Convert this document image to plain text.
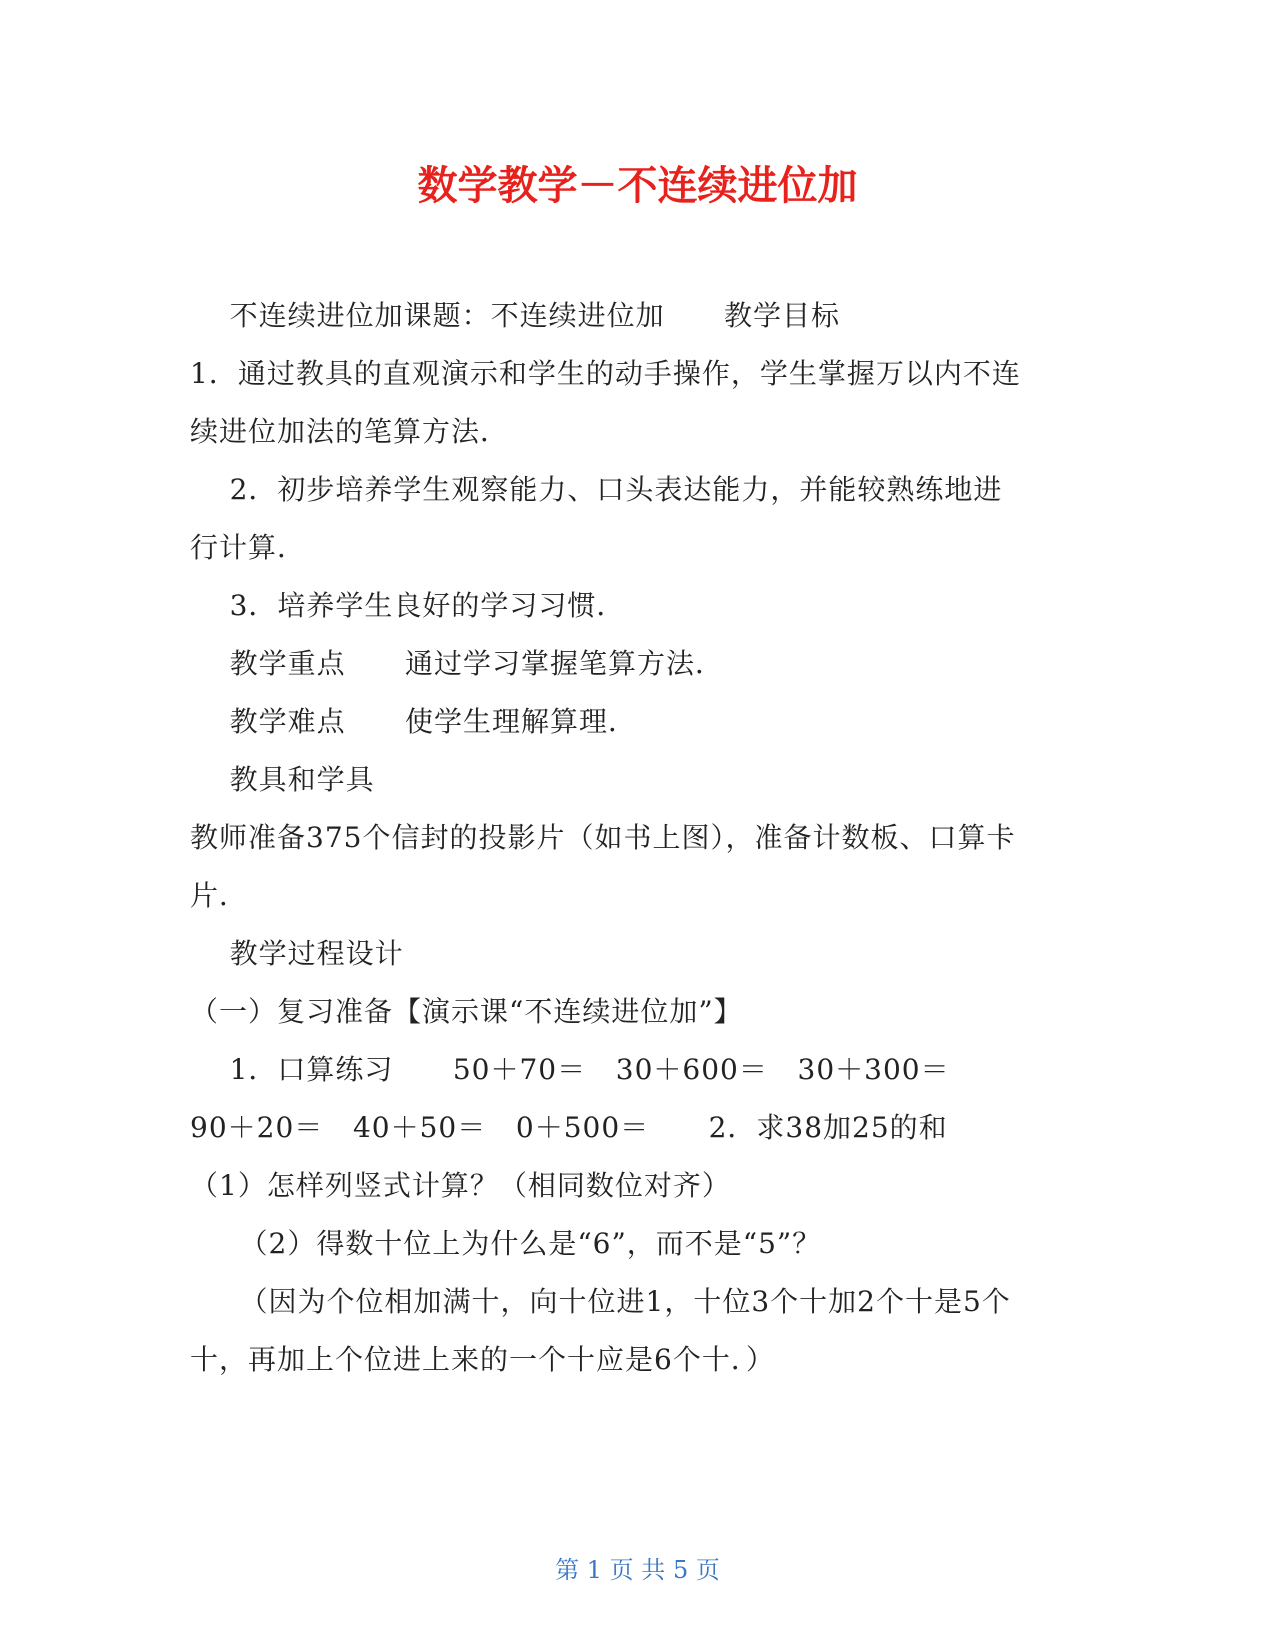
数学教学－不连续进位加

不连续进位加课题：不连续进位加      教学目标

1．通过教具的直观演示和学生的动手操作，学生掌握万以内不连

续进位加法的笔算方法．

2．初步培养学生观察能力、口头表达能力，并能较熟练地进

行计算．

3．培养学生良好的学习习惯．

教学重点      通过学习掌握笔算方法．

教学难点      使学生理解算理．

教具和学具

教师准备375个信封的投影片（如书上图），准备计数板、口算卡

片．

教学过程设计

（一）复习准备【演示课“不连续进位加”】

1．口算练习      50＋70＝   30＋600＝   30＋300＝

90＋20＝   40＋50＝   0＋500＝      2．求38加25的和

（1）怎样列竖式计算？（相同数位对齐）

（2）得数十位上为什么是“6”，而不是“5”？

（因为个位相加满十，向十位进1，十位3个十加2个十是5个

十，再加上个位进上来的一个十应是6个十．）

第 1 页 共 5 页
